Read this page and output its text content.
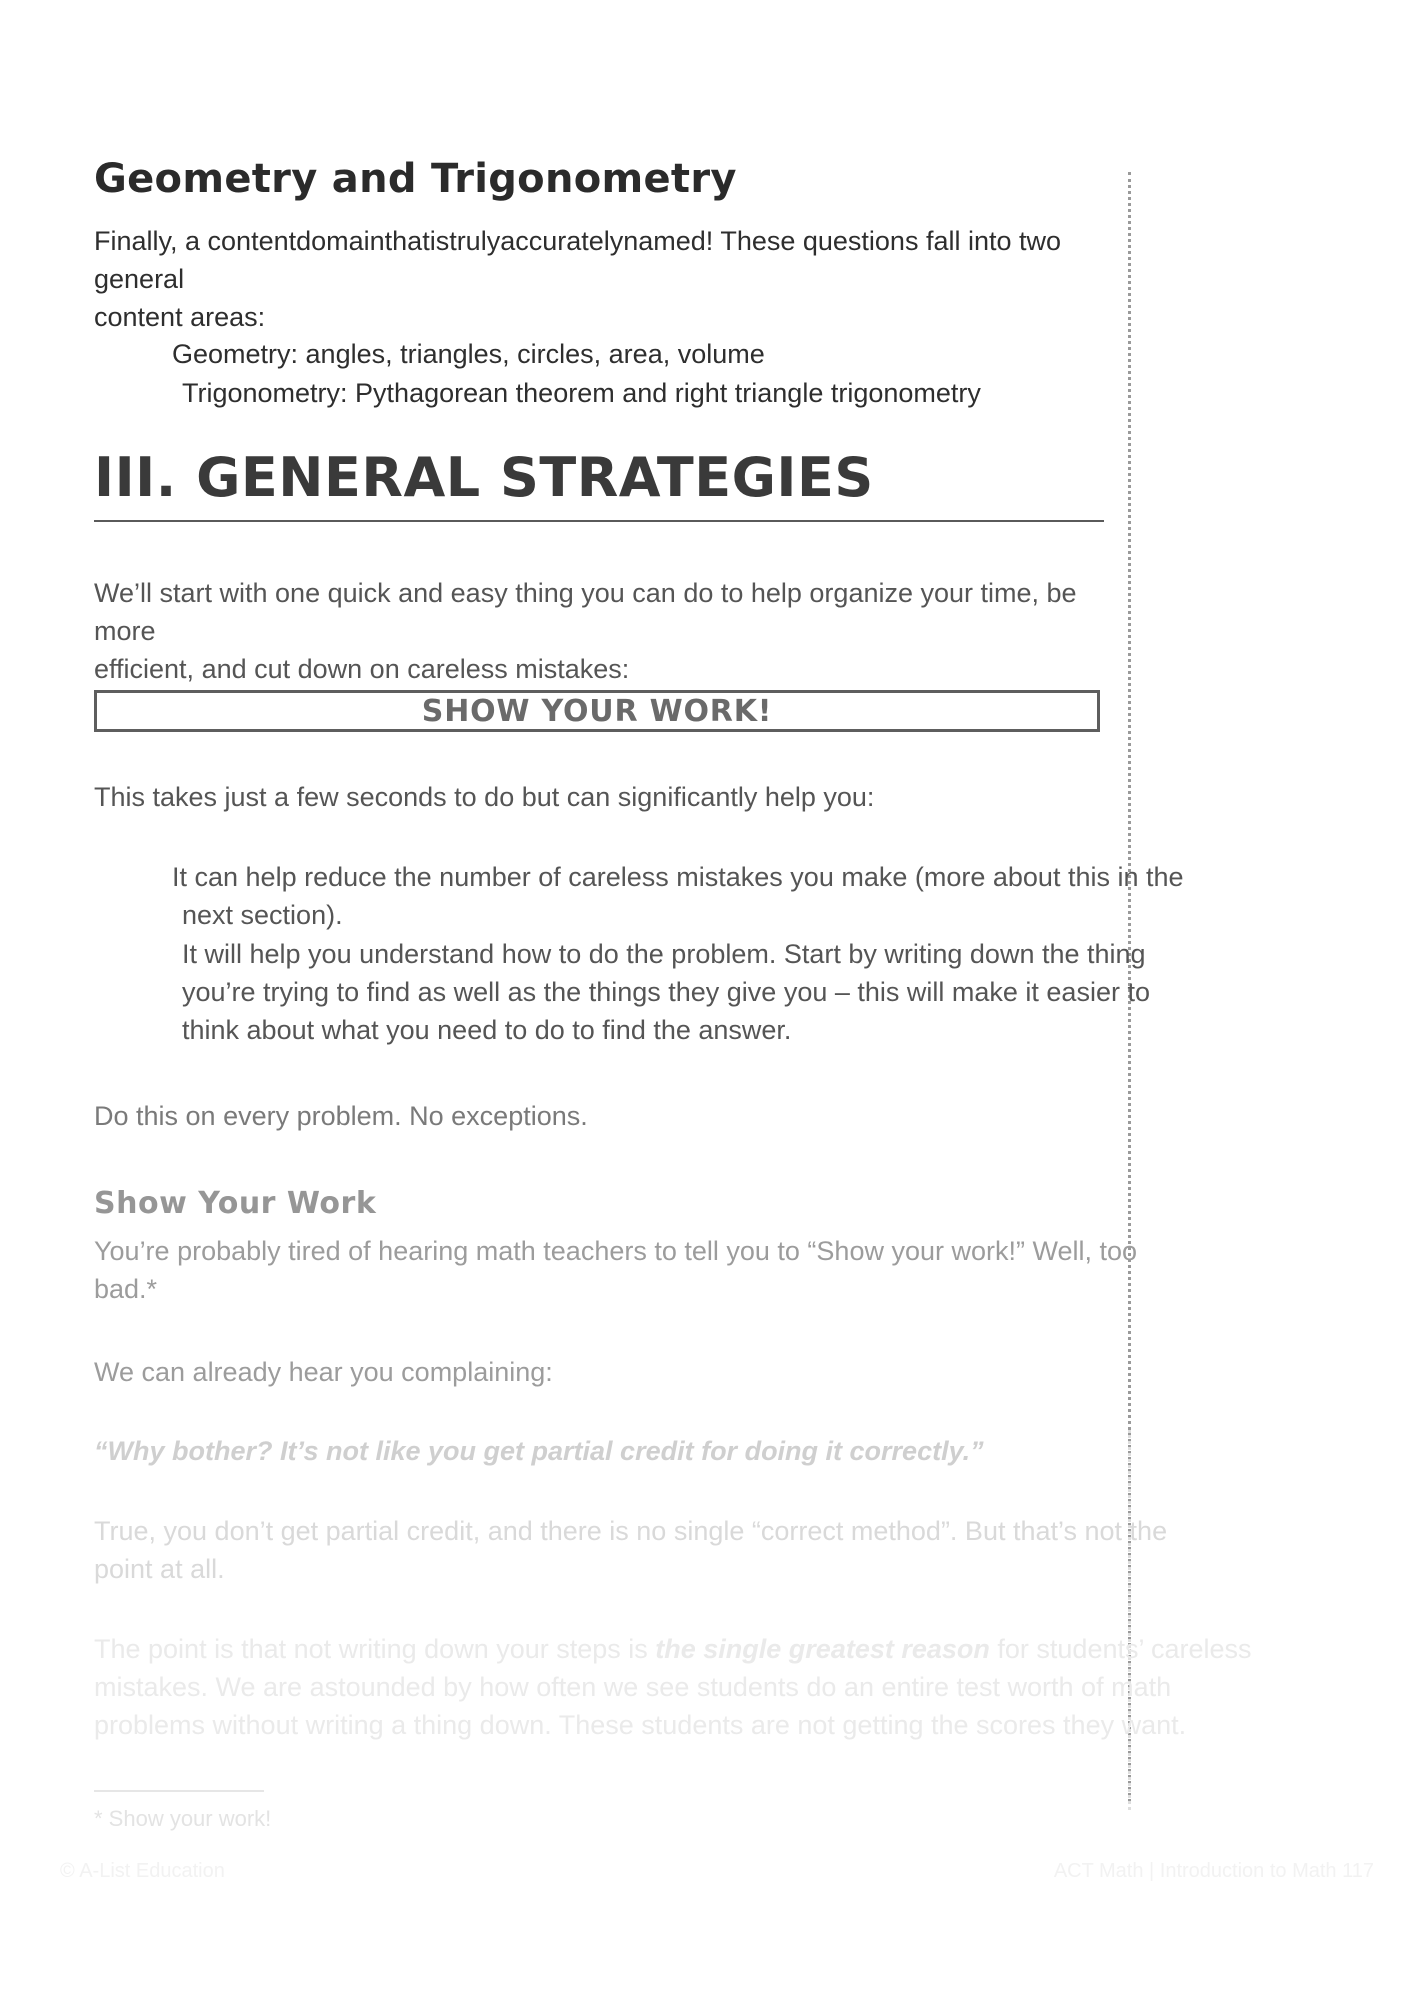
Geometry and Trigonometry

Finally, a contentdomainthatistrulyaccuratelynamed! These questions fall into two general

content areas:

Geometry: angles, triangles, circles, area, volume

Trigonometry: Pythagorean theorem and right triangle trigonometry

III. GENERAL STRATEGIES

We’ll start with one quick and easy thing you can do to help organize your time, be more

efficient, and cut down on careless mistakes:

SHOW YOUR WORK!

This takes just a few seconds to do but can significantly help you:

It can help reduce the number of careless mistakes you make (more about this in the

next section).

It will help you understand how to do the problem. Start by writing down the thing

you’re trying to find as well as the things they give you – this will make it easier to

think about what you need to do to find the answer.

Do this on every problem. No exceptions.

Show Your Work

You’re probably tired of hearing math teachers to tell you to “Show your work!” Well, too

bad.*

We can already hear you complaining:

“Why bother? It’s not like you get partial credit for doing it correctly.”

True, you don’t get partial credit, and there is no single “correct method”. But that’s not the

point at all.

The point is that not writing down your steps is the single greatest reason for students’ careless

mistakes. We are astounded by how often we see students do an entire test worth of math

problems without writing a thing down. These students are not getting the scores they want.

* Show your work!

© A-List Education	ACT Math | Introduction to Math 117
